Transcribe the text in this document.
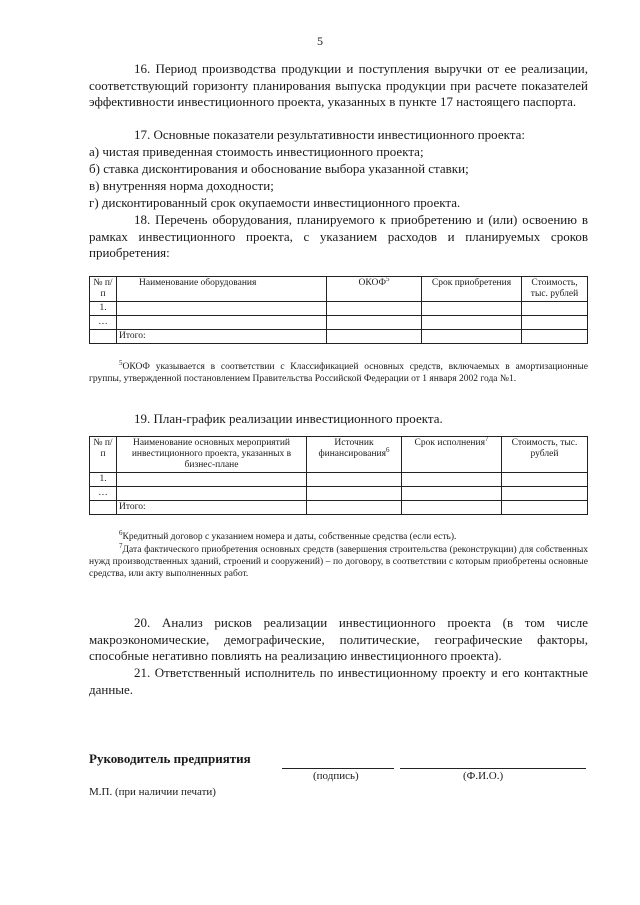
5
16. Период производства продукции и поступления выручки от ее реализации, соответствующий горизонту планирования выпуска продукции при расчете показателей эффективности инвестиционного проекта, указанных в пункте 17 настоящего паспорта.
17. Основные показатели результативности инвестиционного проекта:
а) чистая приведенная стоимость инвестиционного проекта;
б) ставка дисконтирования и обоснование выбора указанной ставки;
в) внутренняя норма доходности;
г) дисконтированный срок окупаемости инвестиционного проекта.
18. Перечень оборудования, планируемого к приобретению и (или) освоению в рамках инвестиционного проекта, с указанием расходов и планируемых сроков приобретения:
№ п/п	Наименование оборудования	ОКОФ$^5$	Срок приобретения	Стоимость, тыс. рублей
1.				
…				
	Итого:			
$^5$ОКОФ указывается в соответствии с Классификацией основных средств, включаемых в амортизационные группы, утвержденной постановлением Правительства Российской Федерации от 1 января 2002 года №1.
19. План-график реализации инвестиционного проекта.
№ п/п	Наименование основных мероприятий инвестиционного проекта, указанных в бизнес-плане	Источник финансирования$^6$	Срок исполнения$^7$	Стоимость, тыс. рублей
1.				
…				
	Итого:			
$^6$Кредитный договор с указанием номера и даты, собственные средства (если есть).
$^7$Дата фактического приобретения основных средств (завершения строительства (реконструкции) для собственных нужд производственных зданий, строений и сооружений) – по договору, в соответствии с которым приобретены основные средства, или акту выполненных работ.
20. Анализ рисков реализации инвестиционного проекта (в том числе макроэкономические, демографические, политические, географические факторы, способные негативно повлиять на реализацию инвестиционного проекта).
21. Ответственный исполнитель по инвестиционному проекту и его контактные данные.
Руководитель предприятия
(подпись)	(Ф.И.О.)
М.П. (при наличии печати)
